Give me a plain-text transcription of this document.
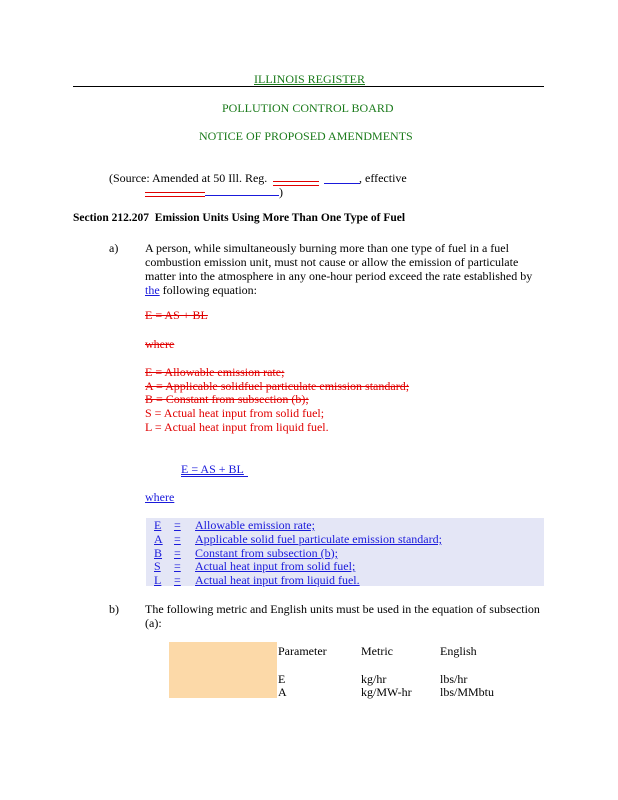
ILLINOIS REGISTER
POLLUTION CONTROL BOARD
NOTICE OF PROPOSED AMENDMENTS
(Source: Amended at 50 Ill. Reg.	, effective
)
Section 212.207 Emission Units Using More Than One Type of Fuel
a) A person, while simultaneously burning more than one type of fuel in a fuel combustion emission unit, must not cause or allow the emission of particulate matter into the atmosphere in any one-hour period exceed the rate established by the following equation:
E = AS + BL
where
E = Allowable emission rate;
A = Applicable solidfuel particulate emission standard;
B = Constant from subsection (b);
S = Actual heat input from solid fuel;
L = Actual heat input from liquid fuel.
E = AS + BL
where
E = Allowable emission rate;
A = Applicable solid fuel particulate emission standard;
B = Constant from subsection (b);
S = Actual heat input from solid fuel;
L = Actual heat input from liquid fuel.
b) The following metric and English units must be used in the equation of subsection (a):
Parameter	Metric	English
E	kg/hr	lbs/hr
A	kg/MW-hr lbs/MMbtu
